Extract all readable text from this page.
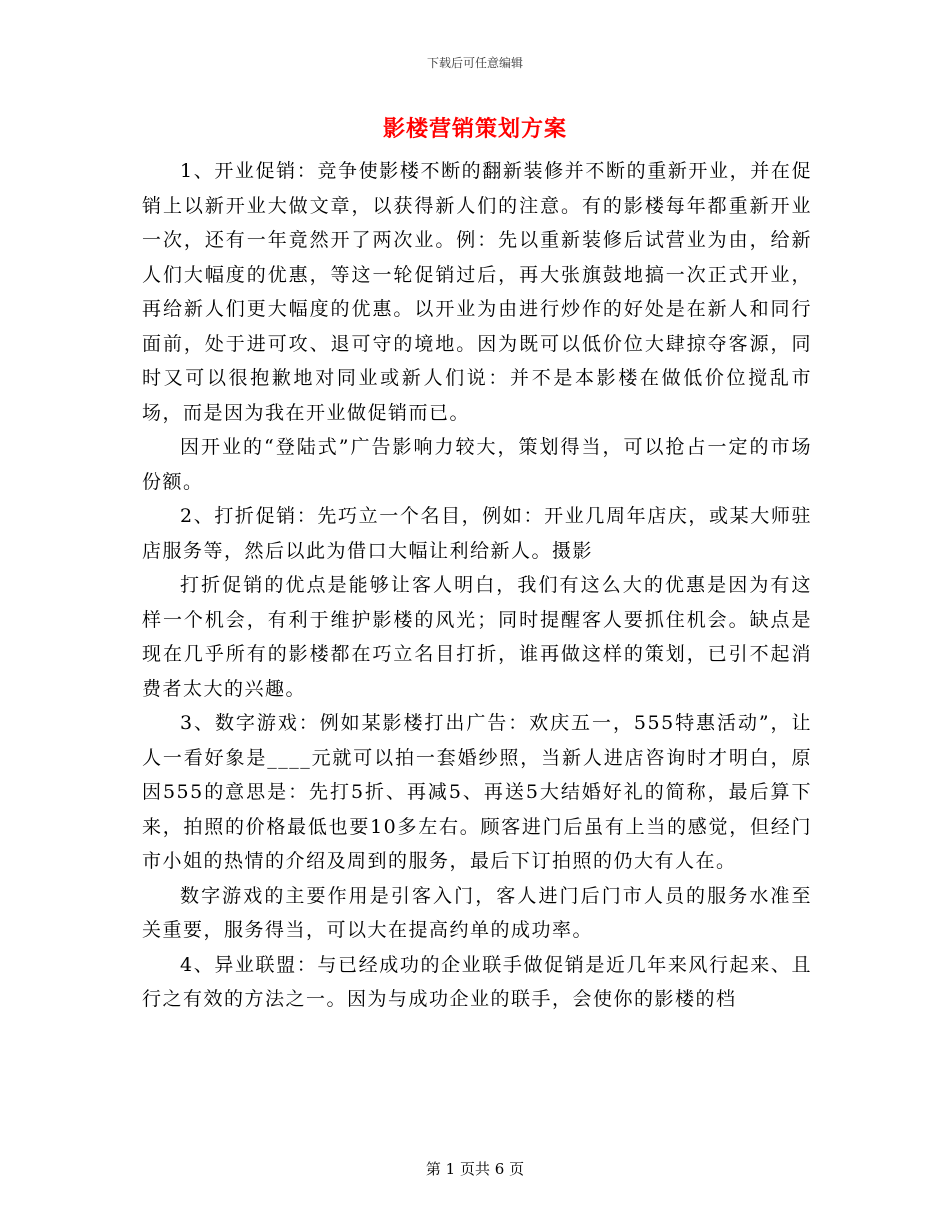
下载后可任意编辑
影楼营销策划方案

1、开业促销：竞争使影楼不断的翻新装修并不断的重新开业，并在促销上以新开业大做文章，以获得新人们的注意。有的影楼每年都重新开业一次，还有一年竟然开了两次业。例：先以重新装修后试营业为由，给新人们大幅度的优惠，等这一轮促销过后，再大张旗鼓地搞一次正式开业，再给新人们更大幅度的优惠。以开业为由进行炒作的好处是在新人和同行面前，处于进可攻、退可守的境地。因为既可以低价位大肆掠夺客源，同时又可以很抱歉地对同业或新人们说：并不是本影楼在做低价位搅乱市场，而是因为我在开业做促销而已。

因开业的“登陆式”广告影响力较大，策划得当，可以抢占一定的市场份额。

2、打折促销：先巧立一个名目，例如：开业几周年店庆，或某大师驻店服务等，然后以此为借口大幅让利给新人。摄影

打折促销的优点是能够让客人明白，我们有这么大的优惠是因为有这样一个机会，有利于维护影楼的风光；同时提醒客人要抓住机会。缺点是现在几乎所有的影楼都在巧立名目打折，谁再做这样的策划，已引不起消费者太大的兴趣。

3、数字游戏：例如某影楼打出广告：欢庆五一，555特惠活动”，让人一看好象是____元就可以拍一套婚纱照，当新人进店咨询时才明白，原因555的意思是：先打5折、再减5、再送5大结婚好礼的简称，最后算下来，拍照的价格最低也要10多左右。顾客进门后虽有上当的感觉，但经门市小姐的热情的介绍及周到的服务，最后下订拍照的仍大有人在。

数字游戏的主要作用是引客入门，客人进门后门市人员的服务水准至关重要，服务得当，可以大在提高约单的成功率。

4、异业联盟：与已经成功的企业联手做促销是近几年来风行起来、且行之有效的方法之一。因为与成功企业的联手，会使你的影楼的档

第 1 页共 6 页
